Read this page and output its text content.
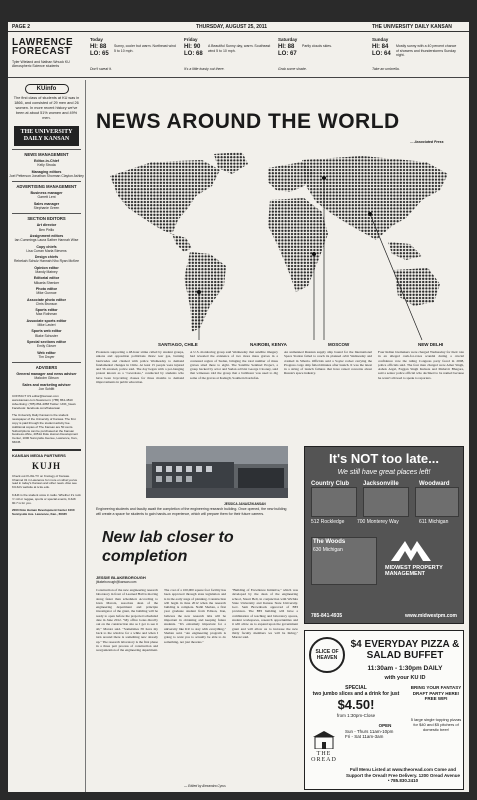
PAGE 2	THURSDAY, AUGUST 25, 2011	THE UNIVERSITY DAILY KANSAN
LAWRENCE
FORECAST
Tyler Wieland and Nathan Wnuck KU Atmospheric Science students
Today
HI: 88
LO: 65
Sunny, cooler but warm. Northeast wind 5 to 10 mph.
Don't sweat it.
Friday
HI: 90
LO: 68
A Beautiful Sunny day, warm. Southeast wind 5 to 10 mph.
It's a little toasty out there.
Saturday
HI: 88
LO: 67
Partly clouds skies.
Grab some shade.
Sunday
HI: 84
LO: 64
Mostly sunny with a 40 percent chance of showers and thunderstorms Sunday night.
Take an umbrella.
KUinfo
The first class of students at KU was in 1866, and consisted of 29 men and 26 women. In more recent history we've been at about 51% women and 49% men.
THE UNIVERSITY DAILY KANSAN
NEWS MANAGEMENT
Editor-in-Chief
Kelly Stroda
Managing editors
Joel Petterson Jonathan Shorman Clayton Ashley
ADVERTISING MANAGEMENT
Business manager
Garrett Lent
Sales manager
Stephanie Green
SECTION EDITORS
Art director
Ben Pirillo
Assignment editors
Ian Cummings Laura Sather Hannah Wise
Copy chiefs
Lisa Curran Marla Stevens
Design chiefs
Rebekah Schulz Hannah Nho Ryan McKee
Opinion editor
Mandy Matney
Editorial editor
Mikaela Shenker
Photo editor
Mike Gunnoe
Associate photo editor
Chris Bronson
Sports editor
Max Rothman
Associate sports editor
Mike Lavieri
Sports web editor
Blake Schuster
Special sections editor
Emily Glover
Web editor
Tim Dwyer
ADVISERS
General manager and news adviser
Malcolm Gibson
Sales and marketing adviser
Jon Schlitt
CONTACT US editor@kansan.com www.kansan.com Newsroom: (785) 864-4810 Advertising: (785) 864-4358 Twitter: UDK_News Facebook: facebook.com/thekansan
The University Daily Kansan is the student newspaper of the University of Kansas. The first copy is paid through the student activity fee. Additional copies of The Kansan are 50 cents. Subscriptions can be purchased at the Kansan business office, 2051A Dole Human Development Center, 1000 Sunnyside Avenue, Lawrence, Kan., 66045.
KANSAN MEDIA PARTNERS
KUJH
Check out KUJH-TV on Knology of Kansas. Channel 31 in Lawrence for more on what you've read in today's Kansan and other news. Also see KUJH's website at tv.ku.edu.
KJHK is the student voice in radio. Whether it's rock 'n' roll or reggae, sports or special events, KJHK 90.7 is for you.
2000 Dole Human Development Center 1000 Sunnyside Ave. Lawrence, Kan., 66045
NEWS AROUND THE WORLD
— Associated Press
SANTIAGO, CHILE	NAIROBI, KENYA	MOSCOW	NEW DELHI
Protesters supporting a 48-hour strike called by student groups, unions and opposition politicians threw tear gas, burning barricades and clashed with police Wednesday to demand fundamental changes in Chile. At least 15 people were injured and 36 arrested, police said. The day began with a pot-banging protest known as a "cacerolazo," conducted by students who have been boycotting classes for three months to demand improvements in public education.
A U.S. monitoring group said Wednesday that satellite imagery had revealed the existence of two more mass graves in a contested region of Sudan, bringing the total number of mass graves sited there to eight. The Satellite Sentinel Project, a group backed by actor and Sudan activist George Clooney, said that witnesses told the group that a bulldozer was used to dig some of the graves at Kadugli, Southern Kordofan.
An unmanned Russian supply ship bound for the International Space Station failed to reach its planned orbit Wednesday and crashed in Siberia. Officials said a Soyuz rocket carrying the Progress cargo ship failed minutes after launch. It was the latest in a string of launch failures that have raised concerns about Russia's space industry.
Four Indian lawmakers were charged Wednesday for their role in an alleged cash-for-votes scandal during a crucial confidence vote the ruling Congress party faced in 2008, police officials said. The four men charged were Amar Singh, Ashok Argal, Faggan Singh Kulaste and Mahavir Bhagora, said a senior police official who declined to be named because he wasn't allowed to speak to reporters.
JESSICA JANASZ/KANSAN
Engineering students and faculty await the completion of the engineering research building. Once opened, the new building will create a space for students to gain hands-on experience, which will prepare them for their future careers.
New lab closer to completion
JESSIE BLAKEBOROUGH
jblakeborough@kansan.com
Construction of the new engineering research laboratory in front of Learned Hall is moving along faster than scheduled. According to Glen Marotz, associate dean of the engineering department and principle investigator of the grant, the building will be ready to open before the projected scheduled date in June 2012. "My office looks directly out on the construction site so I get to see it all," Marotz said. "Sometimes I'll have my back to the window for a while and when I turn around there is something new already up." The research laboratory is the first phase in a three part process of construction and reorganization of the engineering department.
The cost of a 100,000 square foot facility has been approved through state legislation and is in the early stage of planning. Construction will begin in June 2012 when the research building is complete. Nabil Shaban, a first year graduate student from Edison, Iran, believes the new research labs will be important in obtaining and keeping future students. "It's extremely important for a university like KU to stay with everything," Shaban said. "An engineering program is going to want you to actually be able to do something, not just theories."
"Building of Excellence Initiative," which was developed by the dean of the engineering school, Stuart Bell, in conjunction with Wichita State University and Kansas State University. Gov. Sam Brownback approved of BEI provision. The BEI building will have a combination of teaching and laboratory spaces, student workspaces, research opportunities and it will allow us to expand upon the government grant and will allow us to increase the new thirty faculty members we will be hiring," Marotz said.
— Edited by Alexandra Cyrus
It's NOT too late...
We still have great places left!
Country Club
512 Rockledge
Jacksonville
700 Monterey Way
Woodward
611 Michigan
The Woods
630 Michigan
MIDWEST PROPERTY MANAGEMENT
785-841-4935	www.midwestpm.com
SLICE OF HEAVEN
$4 EVERYDAY PIZZA & SALAD BUFFET
11:30am - 1:30pm DAILY
with your KU ID
SPECIAL
two jumbo slices and a drink for just
$4.50!
from 1:30pm-Close
BRING YOUR FANTASY DRAFT PARTY HERE! FREE WIFI
5 large single topping pizzas for $40 and $5 pitchers of domestic beer!
OPEN
Sun - Thurs 11am-10pm
Fri - Sat 11am-3am
THE OREAD
Full Menu Listed at www.theoread.com Come and Support the Oread! Free Delivery. 1200 Oread Avenue • 785.830.2410
